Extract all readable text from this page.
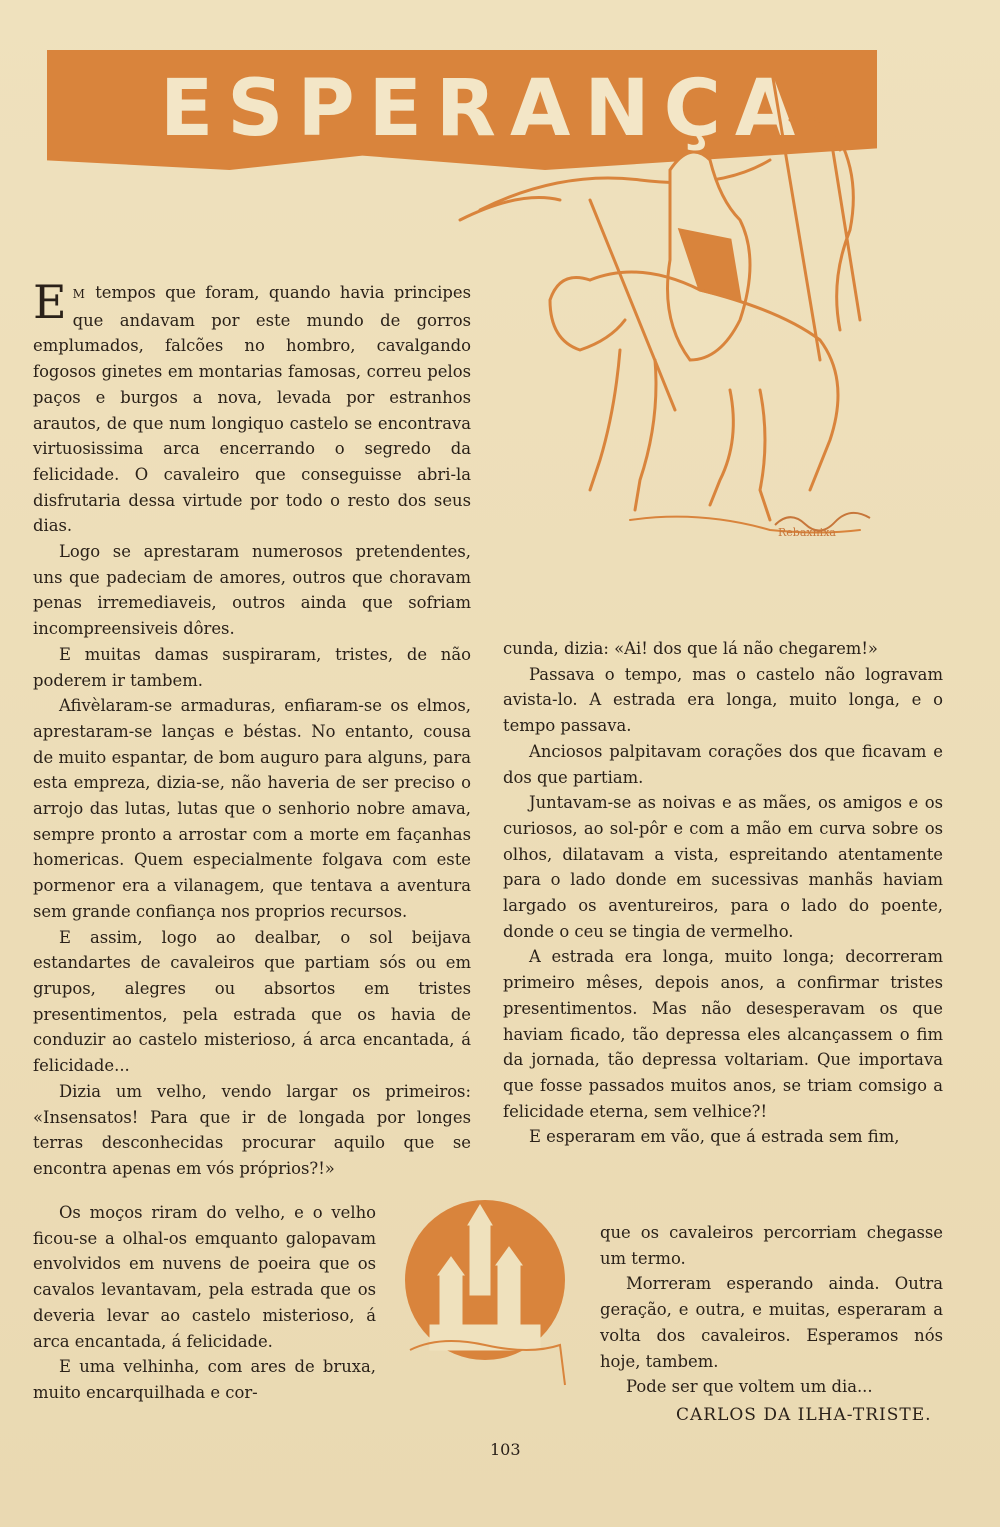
ESPERANÇA
Rebaxnixa

E M tempos que foram, quando havia principes que andavam por este mundo de gorros emplumados, falcões no hombro, cavalgando fogosos ginetes em montarias famosas, correu pelos paços e burgos a nova, levada por estranhos arautos, de que num longiquo castelo se encontrava virtuosissima arca encerrando o segredo da felicidade. O cavaleiro que conseguisse abri-la disfrutaria dessa virtude por todo o resto dos seus dias.

Logo se aprestaram numerosos pretendentes, uns que padeciam de amores, outros que choravam penas irremediaveis, outros ainda que sofriam incompreensiveis dôres.

E muitas damas suspiraram, tristes, de não poderem ir tambem.

Afivèlaram-se armaduras, enfiaram-se os elmos, aprestaram-se lanças e béstas. No entanto, cousa de muito espantar, de bom auguro para alguns, para esta empreza, dizia-se, não haveria de ser preciso o arrojo das lutas, lutas que o senhorio nobre amava, sempre pronto a arrostar com a morte em façanhas homericas. Quem especialmente folgava com este pormenor era a vilanagem, que tentava a aventura sem grande confiança nos proprios recursos.

E assim, logo ao dealbar, o sol beijava estandartes de cavaleiros que partiam sós ou em grupos, alegres ou absortos em tristes presentimentos, pela estrada que os havia de conduzir ao castelo misterioso, á arca encantada, á felicidade...

Dizia um velho, vendo largar os primeiros: «Insensatos! Para que ir de longada por longes terras desconhecidas procurar aquilo que se encontra apenas em vós próprios?!»

Os moços riram do velho, e o velho ficou-se a olhal-os emquanto galopavam envolvidos em nuvens de poeira que os cavalos levantavam, pela estrada que os deveria levar ao castelo misterioso, á arca encantada, á felicidade.

E uma velhinha, com ares de bruxa, muito encarquilhada e cor-

cunda, dizia: «Ai! dos que lá não chegarem!»

Passava o tempo, mas o castelo não logravam avista-lo. A estrada era longa, muito longa, e o tempo passava.

Anciosos palpitavam corações dos que ficavam e dos que partiam.

Juntavam-se as noivas e as mães, os amigos e os curiosos, ao sol-pôr e com a mão em curva sobre os olhos, dilatavam a vista, espreitando atentamente para o lado donde em sucessivas manhãs haviam largado os aventureiros, para o lado do poente, donde o ceu se tingia de vermelho.

A estrada era longa, muito longa; decorreram primeiro mêses, depois anos, a confirmar tristes presentimentos. Mas não desesperavam os que haviam ficado, tão depressa eles alcançassem o fim da jornada, tão depressa voltariam. Que importava que fosse passados muitos anos, se triam comsigo a felicidade eterna, sem velhice?!

E esperaram em vão, que á estrada sem fim,

que os cavaleiros percorriam chegasse um termo.

Morreram esperando ainda. Outra geração, e outra, e muitas, esperaram a volta dos cavaleiros. Esperamos nós hoje, tambem.

Pode ser que voltem um dia...

CARLOS DA ILHA-TRISTE.
103
